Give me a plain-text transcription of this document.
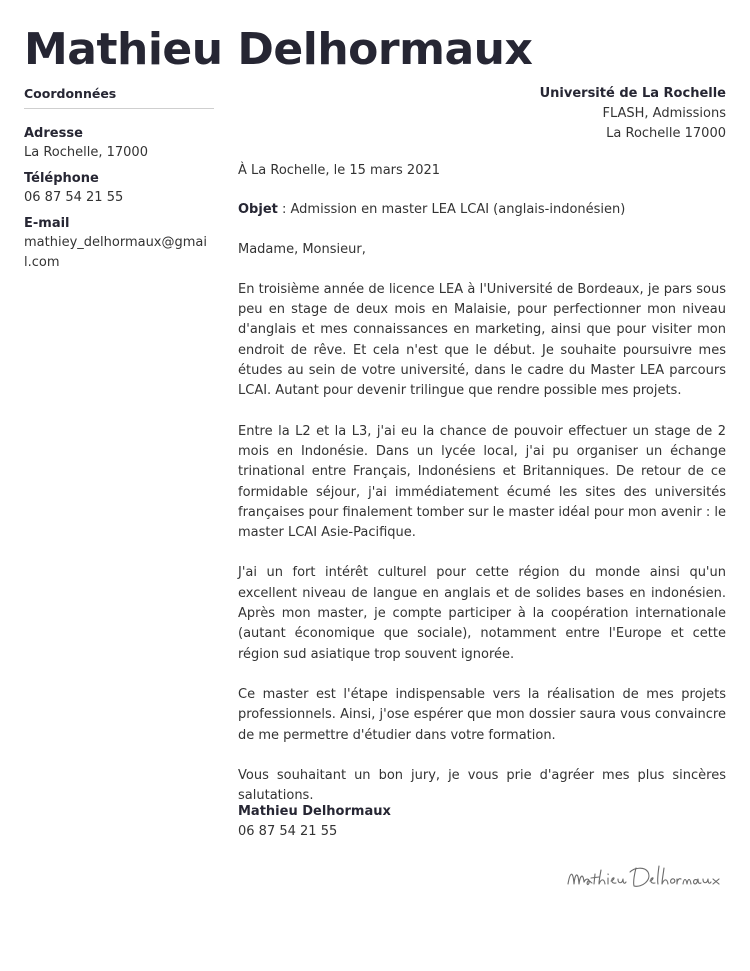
Mathieu Delhormaux
Coordonnées
Adresse
La Rochelle, 17000
Téléphone
06 87 54 21 55
E-mail
mathiey_delhormaux@gmail.com
Université de La Rochelle
FLASH, Admissions
La Rochelle 17000

À La Rochelle, le 15 mars 2021

Objet : Admission en master LEA LCAI (anglais-indonésien)

Madame, Monsieur,

En troisième année de licence LEA à l'Université de Bordeaux, je pars sous peu en stage de deux mois en Malaisie, pour perfectionner mon niveau d'anglais et mes connaissances en marketing, ainsi que pour visiter mon endroit de rêve. Et cela n'est que le début. Je souhaite poursuivre mes études au sein de votre université, dans le cadre du Master LEA parcours LCAI. Autant pour devenir trilingue que rendre possible mes projets.

Entre la L2 et la L3, j'ai eu la chance de pouvoir effectuer un stage de 2 mois en Indonésie. Dans un lycée local, j'ai pu organiser un échange trinational entre Français, Indonésiens et Britanniques. De retour de ce formidable séjour, j'ai immédiatement écumé les sites des universités françaises pour finalement tomber sur le master idéal pour mon avenir : le master LCAI Asie-Pacifique.

J'ai un fort intérêt culturel pour cette région du monde ainsi qu'un excellent niveau de langue en anglais et de solides bases en indonésien. Après mon master, je compte participer à la coopération internationale (autant économique que sociale), notamment entre l'Europe et cette région sud asiatique trop souvent ignorée.

Ce master est l'étape indispensable vers la réalisation de mes projets professionnels. Ainsi, j'ose espérer que mon dossier saura vous convaincre de me permettre d'étudier dans votre formation.

Vous souhaitant un bon jury, je vous prie d'agréer mes plus sincères salutations.

Mathieu Delhormaux
06 87 54 21 55
